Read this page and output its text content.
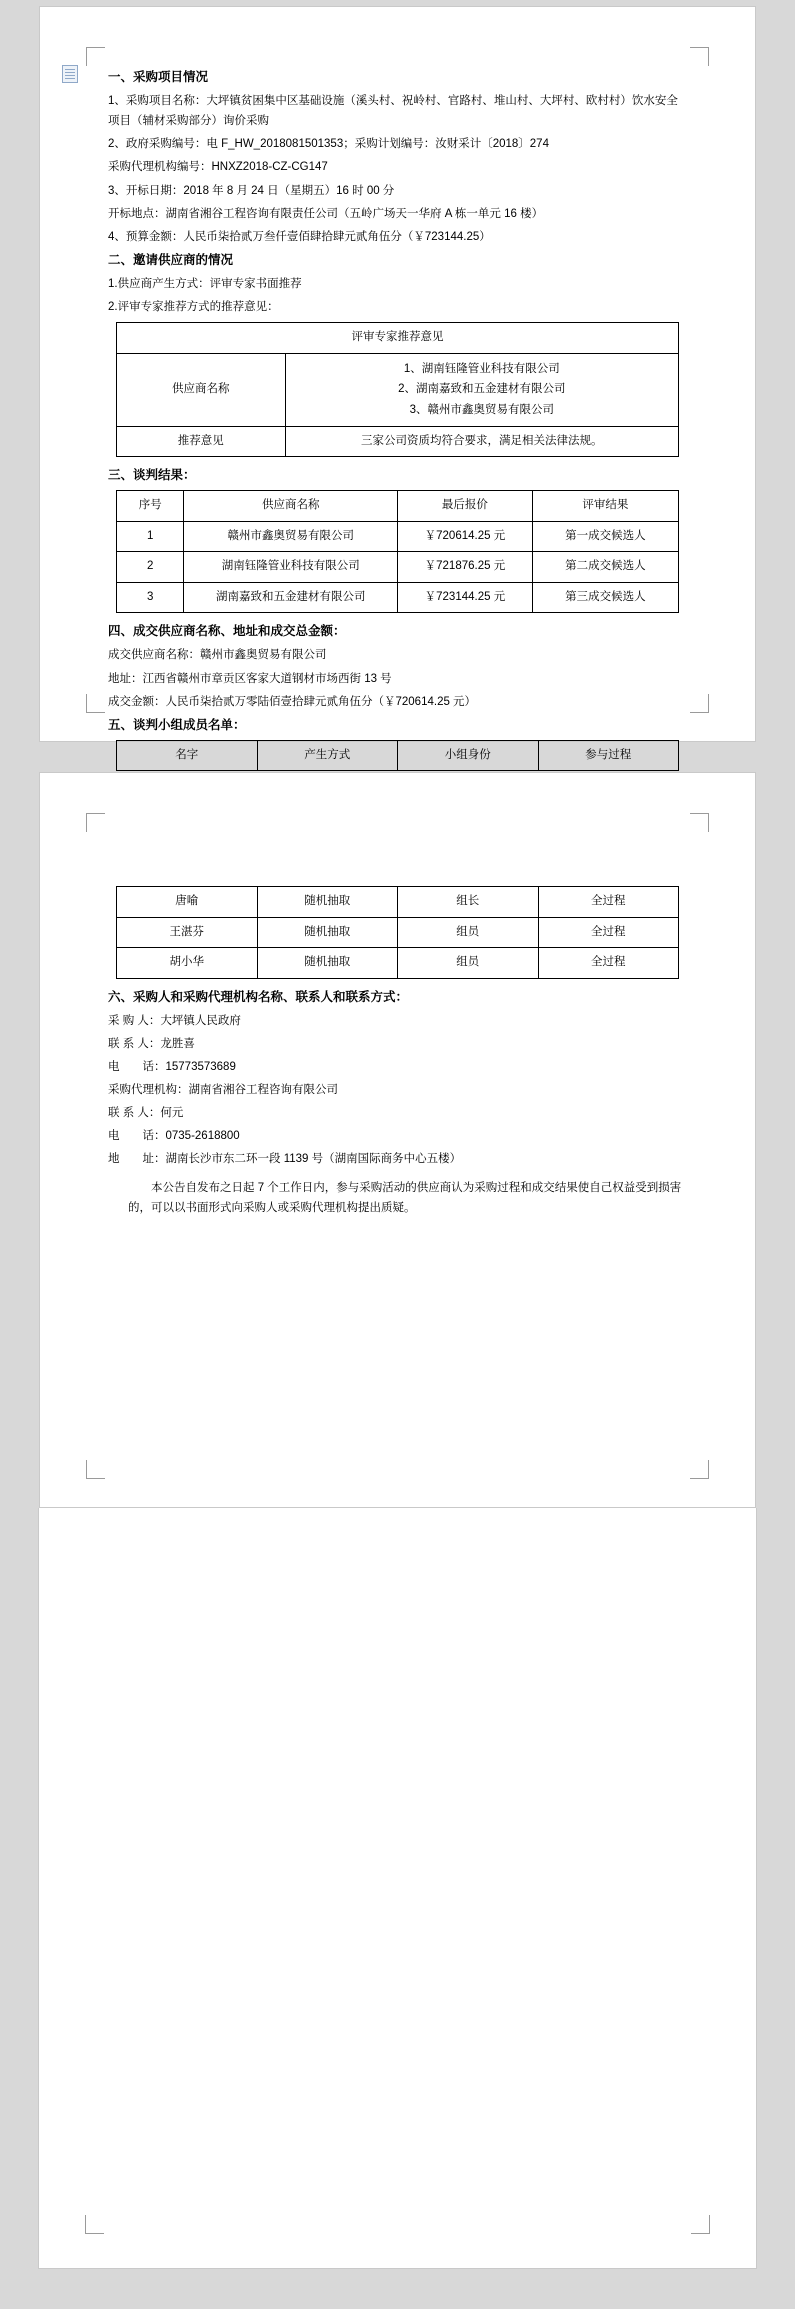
一、采购项目情况
1、采购项目名称：大坪镇贫困集中区基础设施（溪头村、祝岭村、官路村、堆山村、大坪村、欧村村）饮水安全项目（辅材采购部分）询价采购
2、政府采购编号：电 F_HW_2018081501353；采购计划编号：汝财采计〔2018〕274
采购代理机构编号：HNXZ2018-CZ-CG147
3、开标日期：2018 年 8 月 24 日（星期五）16 时 00 分
开标地点：湖南省湘谷工程咨询有限责任公司（五岭广场天一华府 A 栋一单元 16 楼）
4、预算金额：人民币柒拾贰万叁仟壹佰肆拾肆元贰角伍分（￥723144.25）
二、邀请供应商的情况
1.供应商产生方式：评审专家书面推荐
2.评审专家推荐方式的推荐意见：
评审专家推荐意见	
供应商名称	1、湖南钰隆管业科技有限公司
2、湖南嘉致和五金建材有限公司
3、赣州市鑫奥贸易有限公司

推荐意见	三家公司资质均符合要求，满足相关法律法规。
三、谈判结果：
序号	供应商名称	最后报价	评审结果
1	赣州市鑫奥贸易有限公司	￥720614.25 元	第一成交候选人
2	湖南钰隆管业科技有限公司	￥721876.25 元	第二成交候选人
3	湖南嘉致和五金建材有限公司	￥723144.25 元	第三成交候选人
四、成交供应商名称、地址和成交总金额：
成交供应商名称：赣州市鑫奥贸易有限公司
地址：江西省赣州市章贡区客家大道钢材市场西街 13 号
成交金额：人民币柒拾贰万零陆佰壹拾肆元贰角伍分（￥720614.25 元）
五、谈判小组成员名单：
名字	产生方式	小组身份	参与过程
唐喻	随机抽取	组长	全过程
王湛芬	随机抽取	组员	全过程
胡小华	随机抽取	组员	全过程
六、采购人和采购代理机构名称、联系人和联系方式：
采 购 人：大坪镇人民政府
联 系 人：龙胜喜
电　　话：15773573689
采购代理机构：湖南省湘谷工程咨询有限公司
联 系 人：何元
电　　话：0735-2618800
地　　址：湖南长沙市东二环一段 1139 号（湖南国际商务中心五楼）
本公告自发布之日起 7 个工作日内，参与采购活动的供应商认为采购过程和成交结果使自己权益受到损害的，可以以书面形式向采购人或采购代理机构提出质疑。
